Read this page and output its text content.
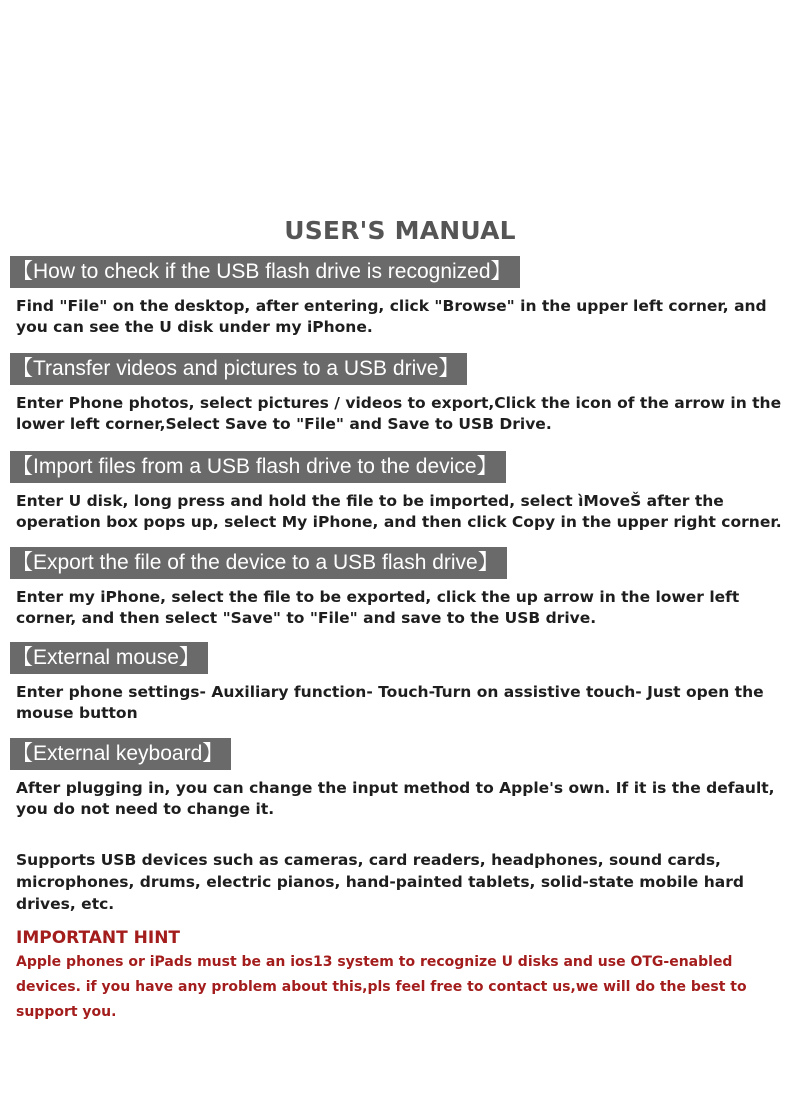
USER'S MANUAL
【How to check if the USB flash drive is recognized】
Find "File" on the desktop, after entering, click "Browse" in the upper left corner, and you can see the U disk under my iPhone.
【Transfer videos and pictures to a USB drive】
Enter Phone photos, select pictures / videos to export,Click the icon of the arrow in the lower left corner,Select Save to "File" and Save to USB Drive.
【Import files from a USB flash drive to the device】
Enter U disk, long press and hold the file to be imported, select ìMoveŠ after the operation box pops up, select My iPhone, and then click Copy in the upper right corner.
【Export the file of the device to a USB flash drive】
Enter my iPhone, select the file to be exported, click the up arrow in the lower left corner, and then select "Save" to "File" and save to the USB drive.
【External mouse】
Enter phone settings- Auxiliary function- Touch-Turn on assistive touch- Just open the mouse button
【External keyboard】
After plugging in, you can change the input method to Apple's own. If it is the default, you do not need to change it.
Supports USB devices such as cameras, card readers, headphones, sound cards, microphones, drums, electric pianos, hand-painted tablets, solid-state mobile hard drives, etc.
IMPORTANT HINT
Apple phones or iPads must be an ios13 system to recognize U disks and use OTG-enabled devices. if you have any problem about this,pls feel free to contact us,we will do the best to support you.
